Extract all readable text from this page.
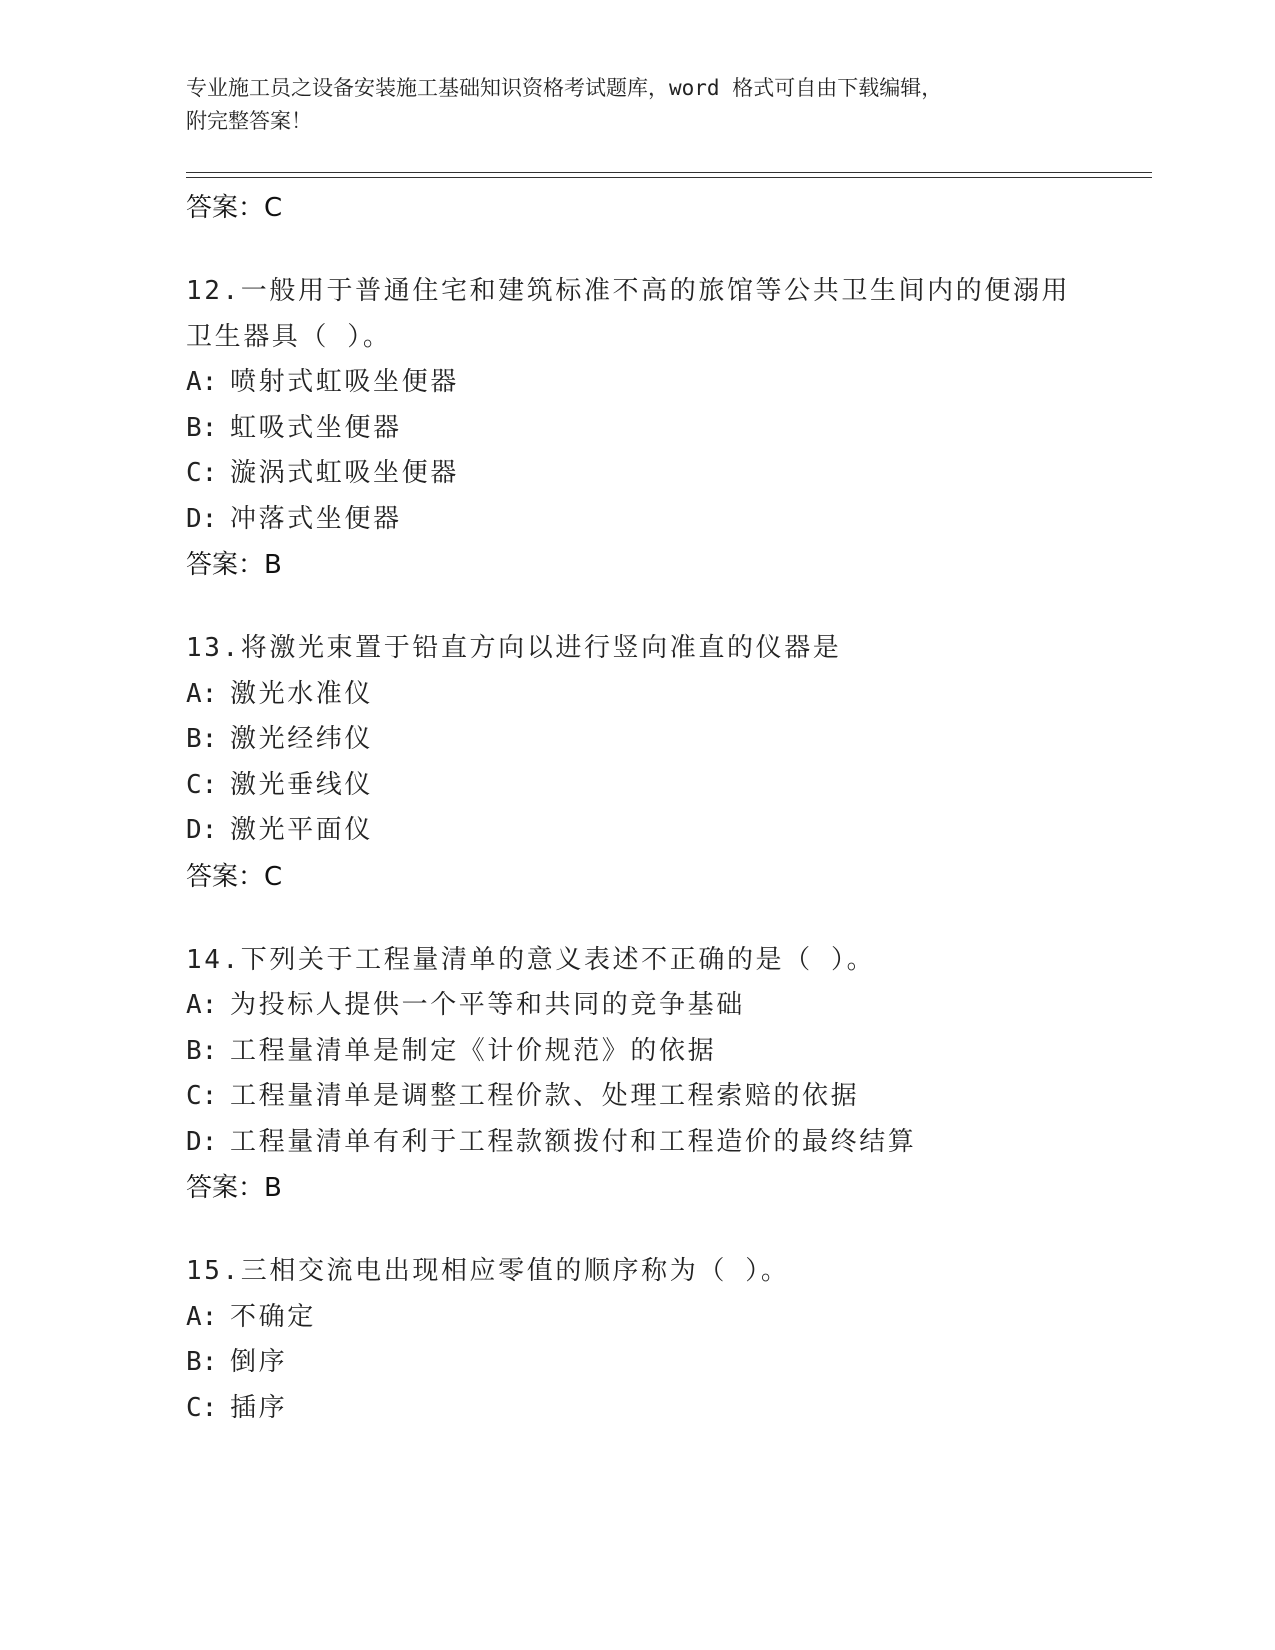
专业施工员之设备安装施工基础知识资格考试题库，word 格式可自由下载编辑，
附完整答案！
答案：C
12.一般用于普通住宅和建筑标准不高的旅馆等公共卫生间内的便溺用
卫生器具（ ）。
A: 喷射式虹吸坐便器
B: 虹吸式坐便器
C: 漩涡式虹吸坐便器
D: 冲落式坐便器
答案：B
13.将激光束置于铅直方向以进行竖向准直的仪器是
A: 激光水准仪
B: 激光经纬仪
C: 激光垂线仪
D: 激光平面仪
答案：C
14.下列关于工程量清单的意义表述不正确的是（ ）。
A: 为投标人提供一个平等和共同的竞争基础
B: 工程量清单是制定《计价规范》的依据
C: 工程量清单是调整工程价款、处理工程索赔的依据
D: 工程量清单有利于工程款额拨付和工程造价的最终结算
答案：B
15.三相交流电出现相应零值的顺序称为（ ）。
A: 不确定
B: 倒序
C: 插序
